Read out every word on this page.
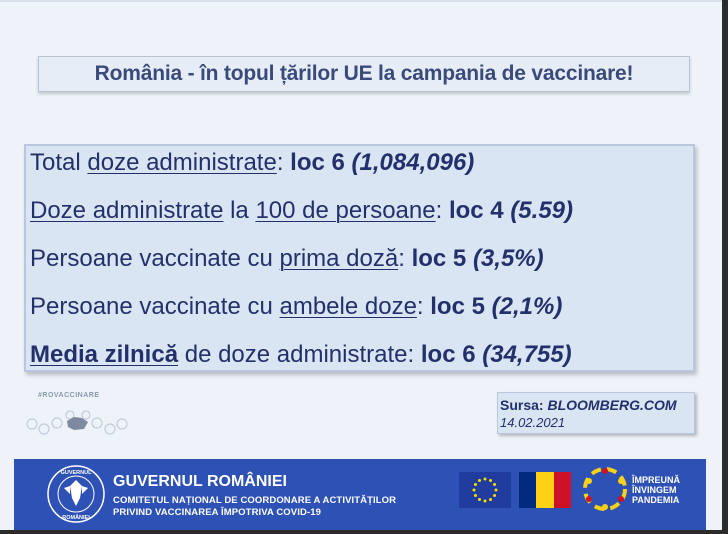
România - în topul țărilor UE la campania de vaccinare!
Total doze administrate: loc 6 (1,084,096)
Doze administrate la 100 de persoane: loc 4 (5.59)
Persoane vaccinate cu prima doză: loc 5 (3,5%)
Persoane vaccinate cu ambele doze: loc 5 (2,1%)
Media zilnică de doze administrate: loc 6 (34,755)
#ROVACCINARE
Sursa: BLOOMBERG.COM
14.02.2021
GUVERNUL
ROMÂNIEI
GUVERNUL ROMÂNIEI
COMITETUL NAȚIONAL DE COORDONARE A ACTIVITĂȚILOR
PRIVIND VACCINAREA ÎMPOTRIVA COVID-19
ÎMPREUNĂ
ÎNVINGEM
PANDEMIA
